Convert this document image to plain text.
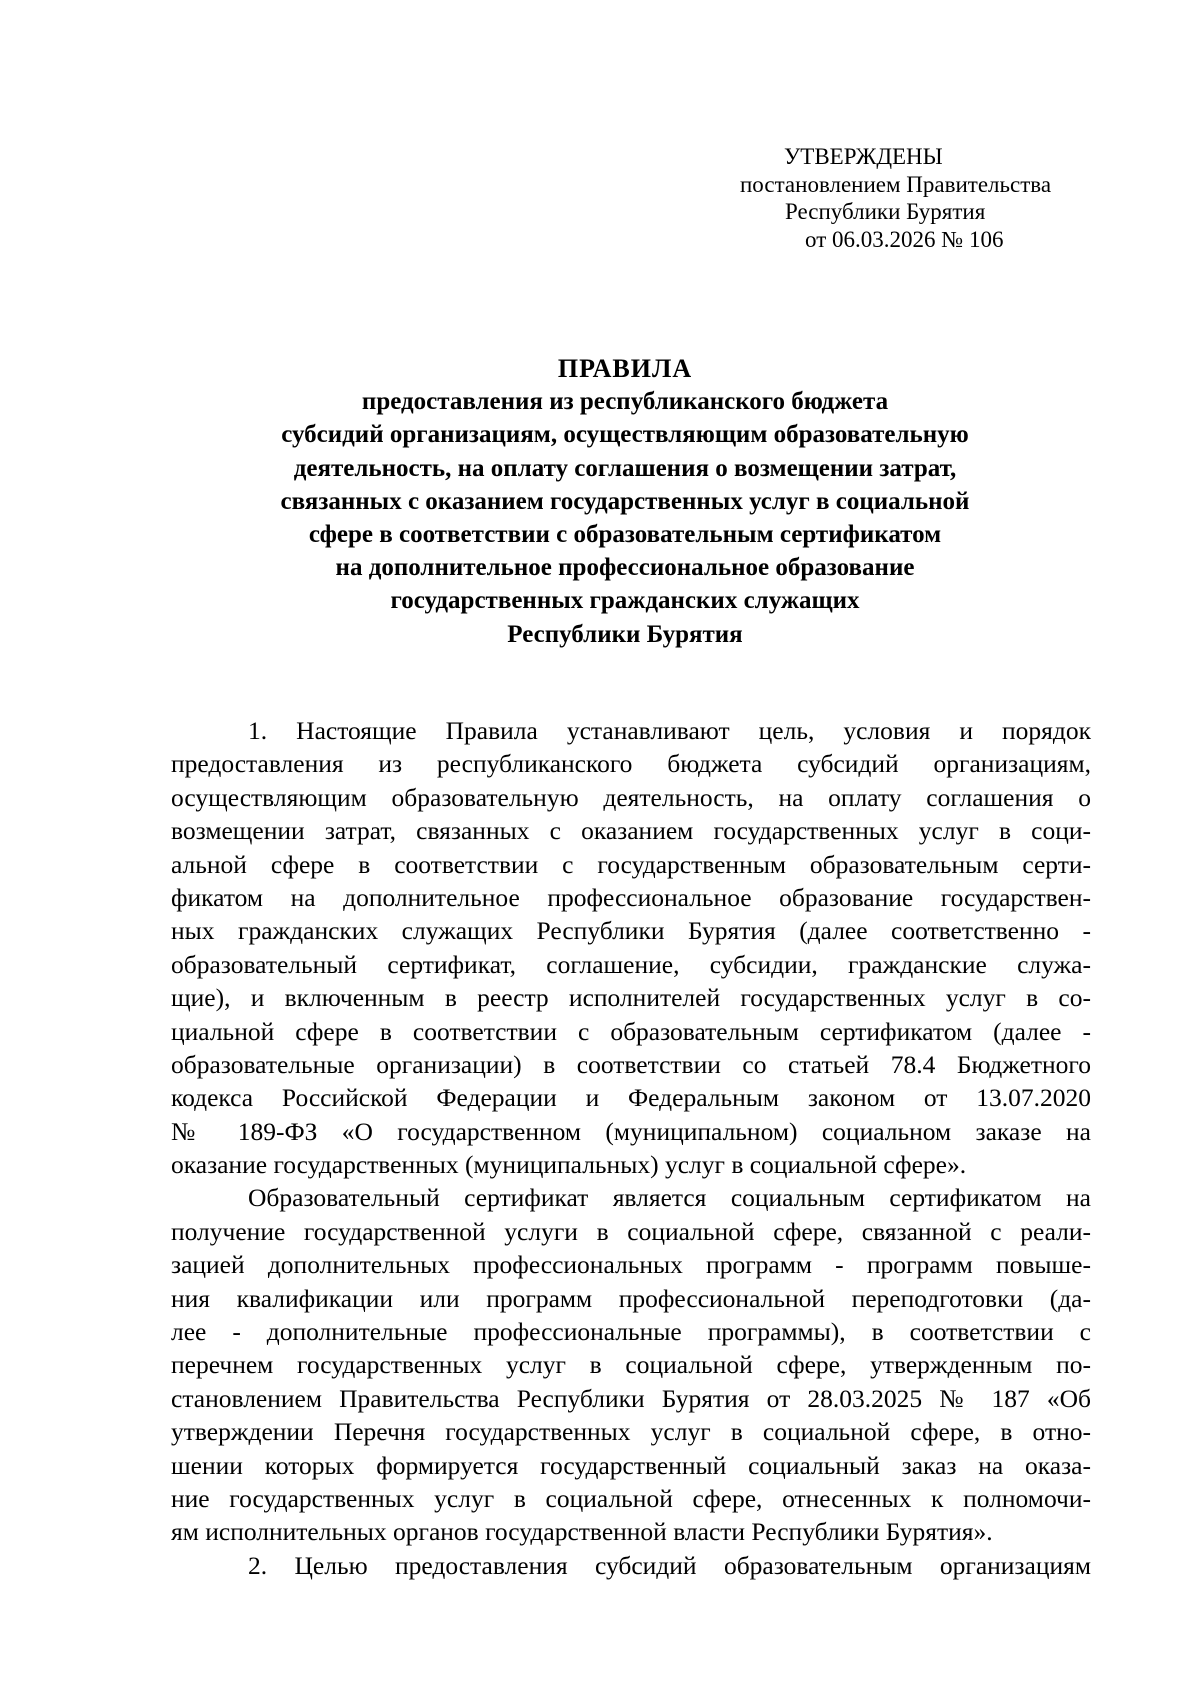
УТВЕРЖДЕНЫ
постановлением Правительства
Республики Бурятия
от 06.03.2026 № 106
ПРАВИЛА
предоставления из республиканского бюджета
субсидий организациям, осуществляющим образовательную
деятельность, на оплату соглашения о возмещении затрат,
связанных с оказанием государственных услуг в социальной
сфере в соответствии с образовательным сертификатом
на дополнительное профессиональное образование
государственных гражданских служащих
Республики Бурятия
1. Настоящие Правила устанавливают цель, условия и порядок
предоставления из республиканского бюджета субсидий организациям,
осуществляющим образовательную деятельность, на оплату соглашения о
возмещении затрат, связанных с оказанием государственных услуг в соци-
альной сфере в соответствии с государственным образовательным серти-
фикатом на дополнительное профессиональное образование государствен-
ных гражданских служащих Республики Бурятия (далее соответственно -
образовательный сертификат, соглашение, субсидии, гражданские служа-
щие), и включенным в реестр исполнителей государственных услуг в со-
циальной сфере в соответствии с образовательным сертификатом (далее -
образовательные организации) в соответствии со статьей 78.4 Бюджетного
кодекса Российской Федерации и Федеральным законом от 13.07.2020
№ 189-ФЗ «О государственном (муниципальном) социальном заказе на
оказание государственных (муниципальных) услуг в социальной сфере».
Образовательный сертификат является социальным сертификатом на
получение государственной услуги в социальной сфере, связанной с реали-
зацией дополнительных профессиональных программ - программ повыше-
ния квалификации или программ профессиональной переподготовки (да-
лее - дополнительные профессиональные программы), в соответствии с
перечнем государственных услуг в социальной сфере, утвержденным по-
становлением Правительства Республики Бурятия от 28.03.2025 № 187 «Об
утверждении Перечня государственных услуг в социальной сфере, в отно-
шении которых формируется государственный социальный заказ на оказа-
ние государственных услуг в социальной сфере, отнесенных к полномочи-
ям исполнительных органов государственной власти Республики Бурятия».
2. Целью предоставления субсидий образовательным организациям
